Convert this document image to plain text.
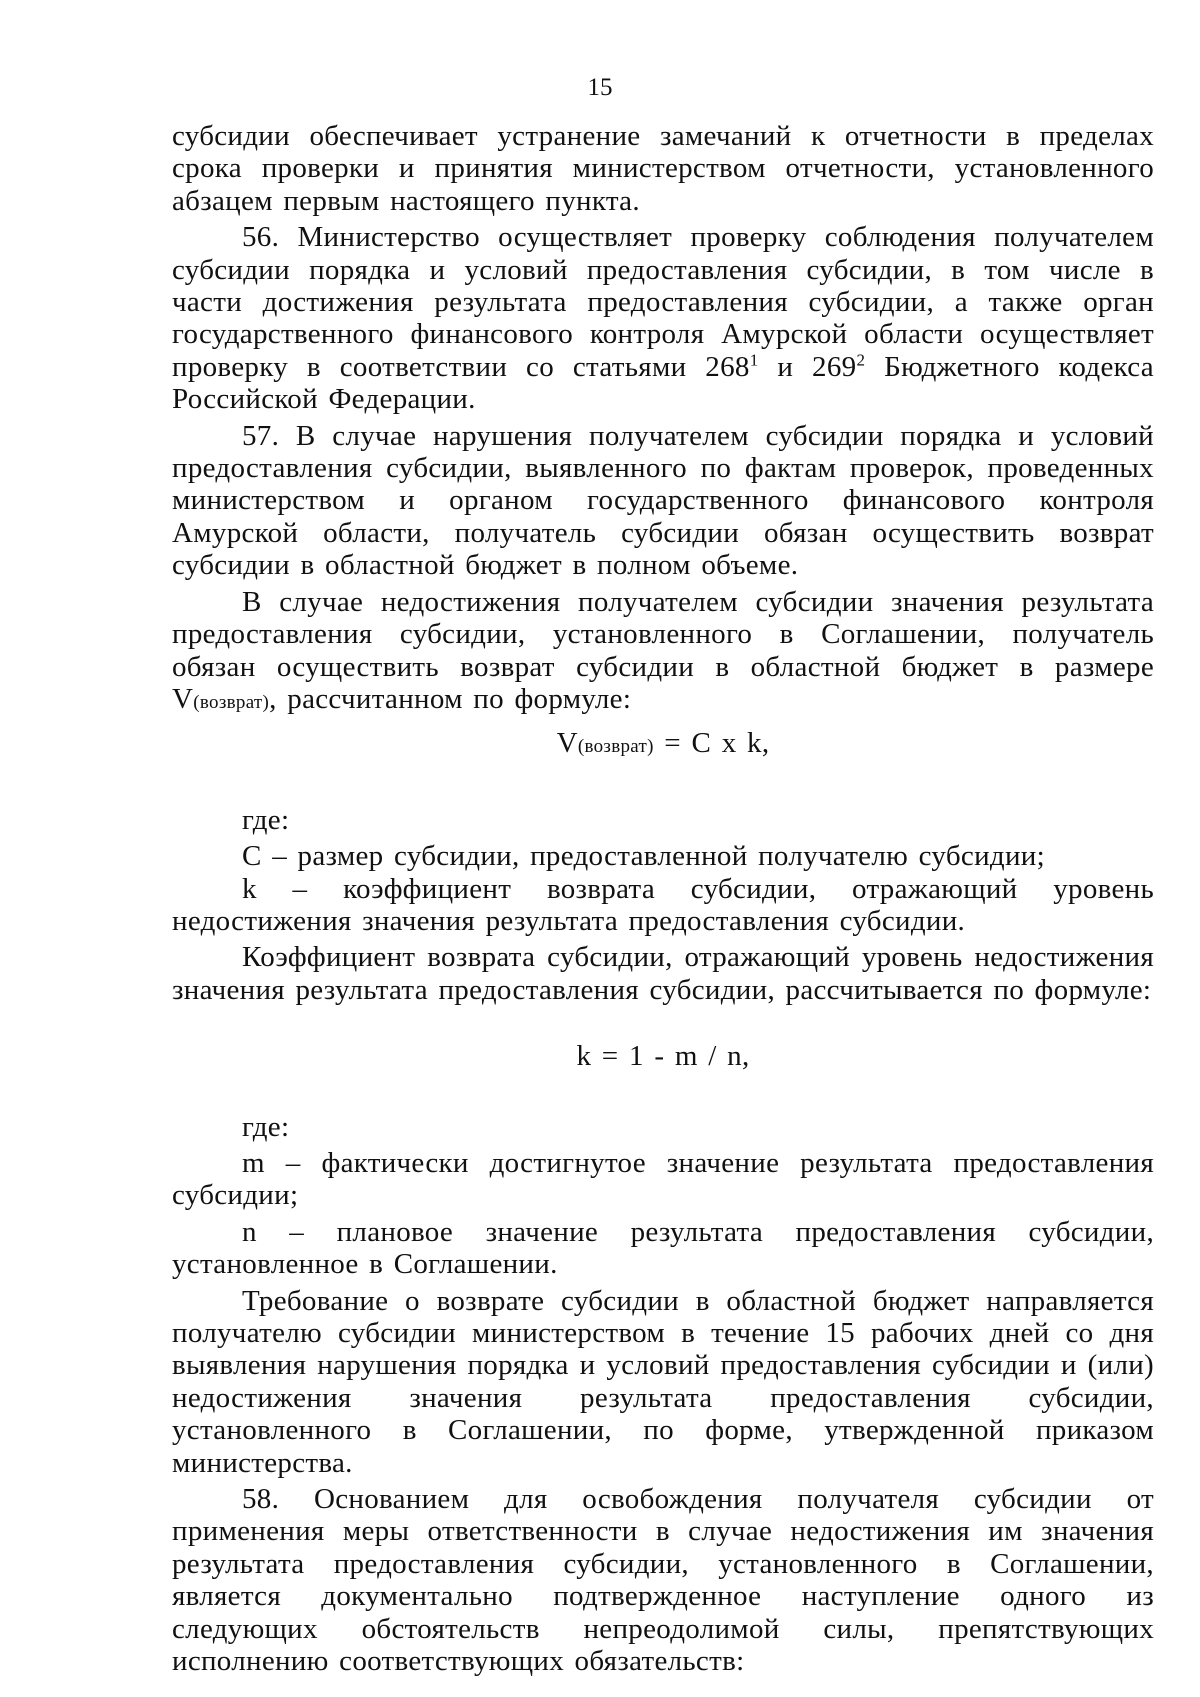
15

субсидии обеспечивает устранение замечаний к отчетности в пределах срока проверки и принятия министерством отчетности, установленного абзацем первым настоящего пункта.

56. Министерство осуществляет проверку соблюдения получателем субсидии порядка и условий предоставления субсидии, в том числе в части достижения результата предоставления субсидии, а также орган государственного финансового контроля Амурской области осуществляет проверку в соответствии со статьями $268^1$ и $269^2$ Бюджетного кодекса Российской Федерации.

57. В случае нарушения получателем субсидии порядка и условий предоставления субсидии, выявленного по фактам проверок, проведенных министерством и органом государственного финансового контроля Амурской области, получатель субсидии обязан осуществить возврат субсидии в областной бюджет в полном объеме.

В случае недостижения получателем субсидии значения результата предоставления субсидии, установленного в Соглашении, получатель обязан осуществить возврат субсидии в областной бюджет в размере V(возврат), рассчитанном по формуле:

V(возврат) = С х k,

где:

С – размер субсидии, предоставленной получателю субсидии;

k – коэффициент возврата субсидии, отражающий уровень недостижения значения результата предоставления субсидии.

Коэффициент возврата субсидии, отражающий уровень недостижения значения результата предоставления субсидии, рассчитывается по формуле:

k = 1 - m / n,

где:

m – фактически достигнутое значение результата предоставления субсидии;

n – плановое значение результата предоставления субсидии, установленное в Соглашении.

Требование о возврате субсидии в областной бюджет направляется получателю субсидии министерством в течение 15 рабочих дней со дня выявления нарушения порядка и условий предоставления субсидии и (или) недостижения значения результата предоставления субсидии, установленного в Соглашении, по форме, утвержденной приказом министерства.

58. Основанием для освобождения получателя субсидии от применения меры ответственности в случае недостижения им значения результата предоставления субсидии, установленного в Соглашении, является документально подтвержденное наступление одного из следующих обстоятельств непреодолимой силы, препятствующих исполнению соответствующих обязательств:
